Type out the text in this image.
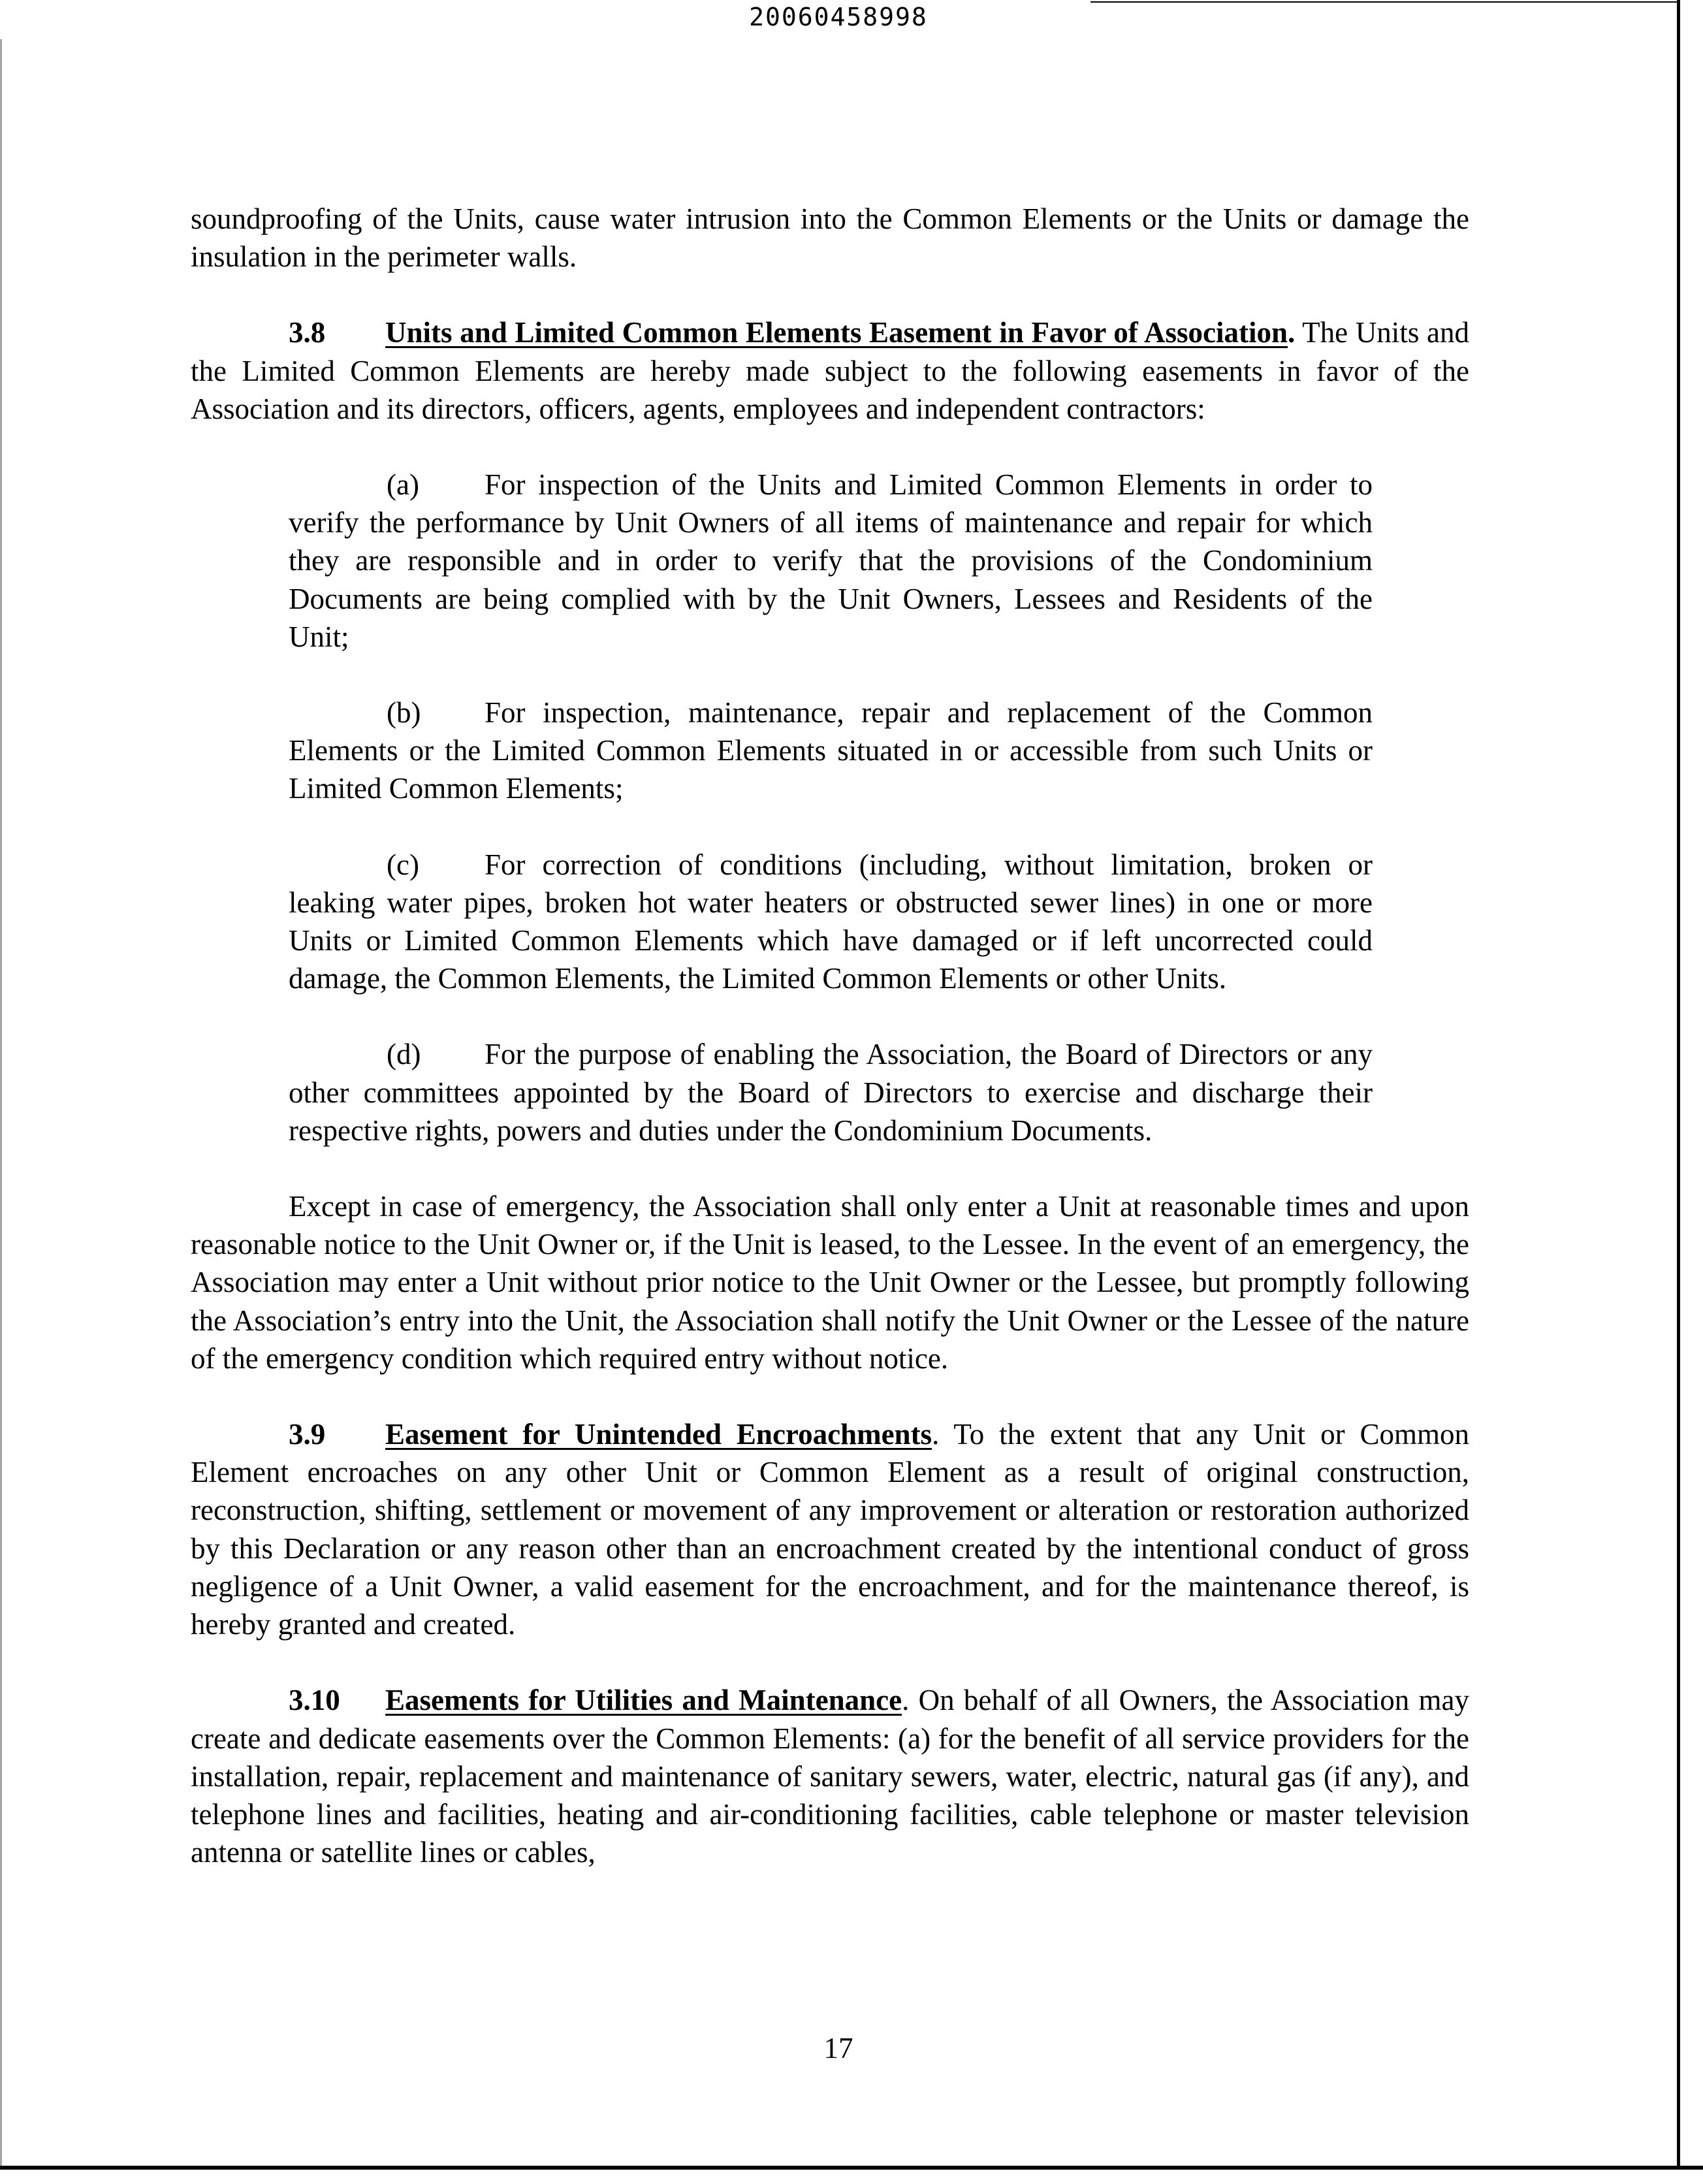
20060458998

soundproofing of the Units, cause water intrusion into the Common Elements or the Units or damage the insulation in the perimeter walls.

3.8 Units and Limited Common Elements Easement in Favor of Association. The Units and the Limited Common Elements are hereby made subject to the following easements in favor of the Association and its directors, officers, agents, employees and independent contractors:

(a) For inspection of the Units and Limited Common Elements in order to verify the performance by Unit Owners of all items of maintenance and repair for which they are responsible and in order to verify that the provisions of the Condominium Documents are being complied with by the Unit Owners, Lessees and Residents of the Unit;

(b) For inspection, maintenance, repair and replacement of the Common Elements or the Limited Common Elements situated in or accessible from such Units or Limited Common Elements;

(c) For correction of conditions (including, without limitation, broken or leaking water pipes, broken hot water heaters or obstructed sewer lines) in one or more Units or Limited Common Elements which have damaged or if left uncorrected could damage, the Common Elements, the Limited Common Elements or other Units.

(d) For the purpose of enabling the Association, the Board of Directors or any other committees appointed by the Board of Directors to exercise and discharge their respective rights, powers and duties under the Condominium Documents.

Except in case of emergency, the Association shall only enter a Unit at reasonable times and upon reasonable notice to the Unit Owner or, if the Unit is leased, to the Lessee. In the event of an emergency, the Association may enter a Unit without prior notice to the Unit Owner or the Lessee, but promptly following the Association’s entry into the Unit, the Association shall notify the Unit Owner or the Lessee of the nature of the emergency condition which required entry without notice.

3.9 Easement for Unintended Encroachments. To the extent that any Unit or Common Element encroaches on any other Unit or Common Element as a result of original construction, reconstruction, shifting, settlement or movement of any improvement or alteration or restoration authorized by this Declaration or any reason other than an encroachment created by the intentional conduct of gross negligence of a Unit Owner, a valid easement for the encroachment, and for the maintenance thereof, is hereby granted and created.

3.10 Easements for Utilities and Maintenance. On behalf of all Owners, the Association may create and dedicate easements over the Common Elements: (a) for the benefit of all service providers for the installation, repair, replacement and maintenance of sanitary sewers, water, electric, natural gas (if any), and telephone lines and facilities, heating and air-conditioning facilities, cable telephone or master television antenna or satellite lines or cables,

17
